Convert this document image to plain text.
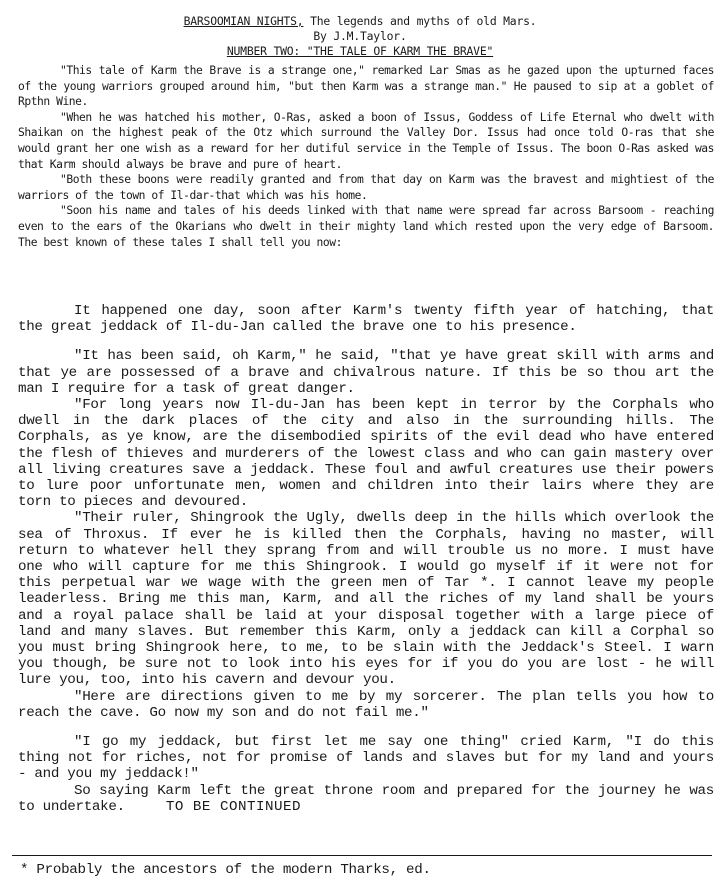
BARSOOMIAN NIGHTS, The legends and myths of old Mars.
By J.M.Taylor.
NUMBER TWO: "THE TALE OF KARM THE BRAVE"

"This tale of Karm the Brave is a strange one," remarked Lar Smas as he gazed upon the upturned faces of the young warriors grouped around him, "but then Karm was a strange man." He paused to sip at a goblet of Rpthn Wine.

"When he was hatched his mother, O-Ras, asked a boon of Issus, Goddess of Life Eternal who dwelt with Shaikan on the highest peak of the Otz which surround the Valley Dor. Issus had once told O-ras that she would grant her one wish as a reward for her dutiful service in the Temple of Issus. The boon O-Ras asked was that Karm should always be brave and pure of heart.

"Both these boons were readily granted and from that day on Karm was the bravest and mightiest of the warriors of the town of Il-dar-that which was his home.

"Soon his name and tales of his deeds linked with that name were spread far across Barsoom - reaching even to the ears of the Okarians who dwelt in their mighty land which rested upon the very edge of Barsoom. The best known of these tales I shall tell you now:

It happened one day, soon after Karm's twenty fifth year of hatching, that the great jeddack of Il-du-Jan called the brave one to his presence.

"It has been said, oh Karm," he said, "that ye have great skill with arms and that ye are possessed of a brave and chivalrous nature. If this be so thou art the man I require for a task of great danger.

"For long years now Il-du-Jan has been kept in terror by the Corphals who dwell in the dark places of the city and also in the surrounding hills. The Corphals, as ye know, are the disembodied spirits of the evil dead who have entered the flesh of thieves and murderers of the lowest class and who can gain mastery over all living creatures save a jeddack. These foul and awful creatures use their powers to lure poor unfortunate men, women and children into their lairs where they are torn to pieces and devoured.

"Their ruler, Shingrook the Ugly, dwells deep in the hills which overlook the sea of Throxus. If ever he is killed then the Corphals, having no master, will return to whatever hell they sprang from and will trouble us no more. I must have one who will capture for me this Shingrook. I would go myself if it were not for this perpetual war we wage with the green men of Tar *. I cannot leave my people leaderless. Bring me this man, Karm, and all the riches of my land shall be yours and a royal palace shall be laid at your disposal together with a large piece of land and many slaves. But remember this Karm, only a jeddack can kill a Corphal so you must bring Shingrook here, to me, to be slain with the Jeddack's Steel. I warn you though, be sure not to look into his eyes for if you do you are lost - he will lure you, too, into his cavern and devour you.

"Here are directions given to me by my sorcerer. The plan tells you how to reach the cave. Go now my son and do not fail me."

"I go my jeddack, but first let me say one thing" cried Karm, "I do this thing not for riches, not for promise of lands and slaves but for my land and yours - and you my jeddack!"

So saying Karm left the great throne room and prepared for the journey he was to undertake.	TO BE CONTINUED

* Probably the ancestors of the modern Tharks, ed.
